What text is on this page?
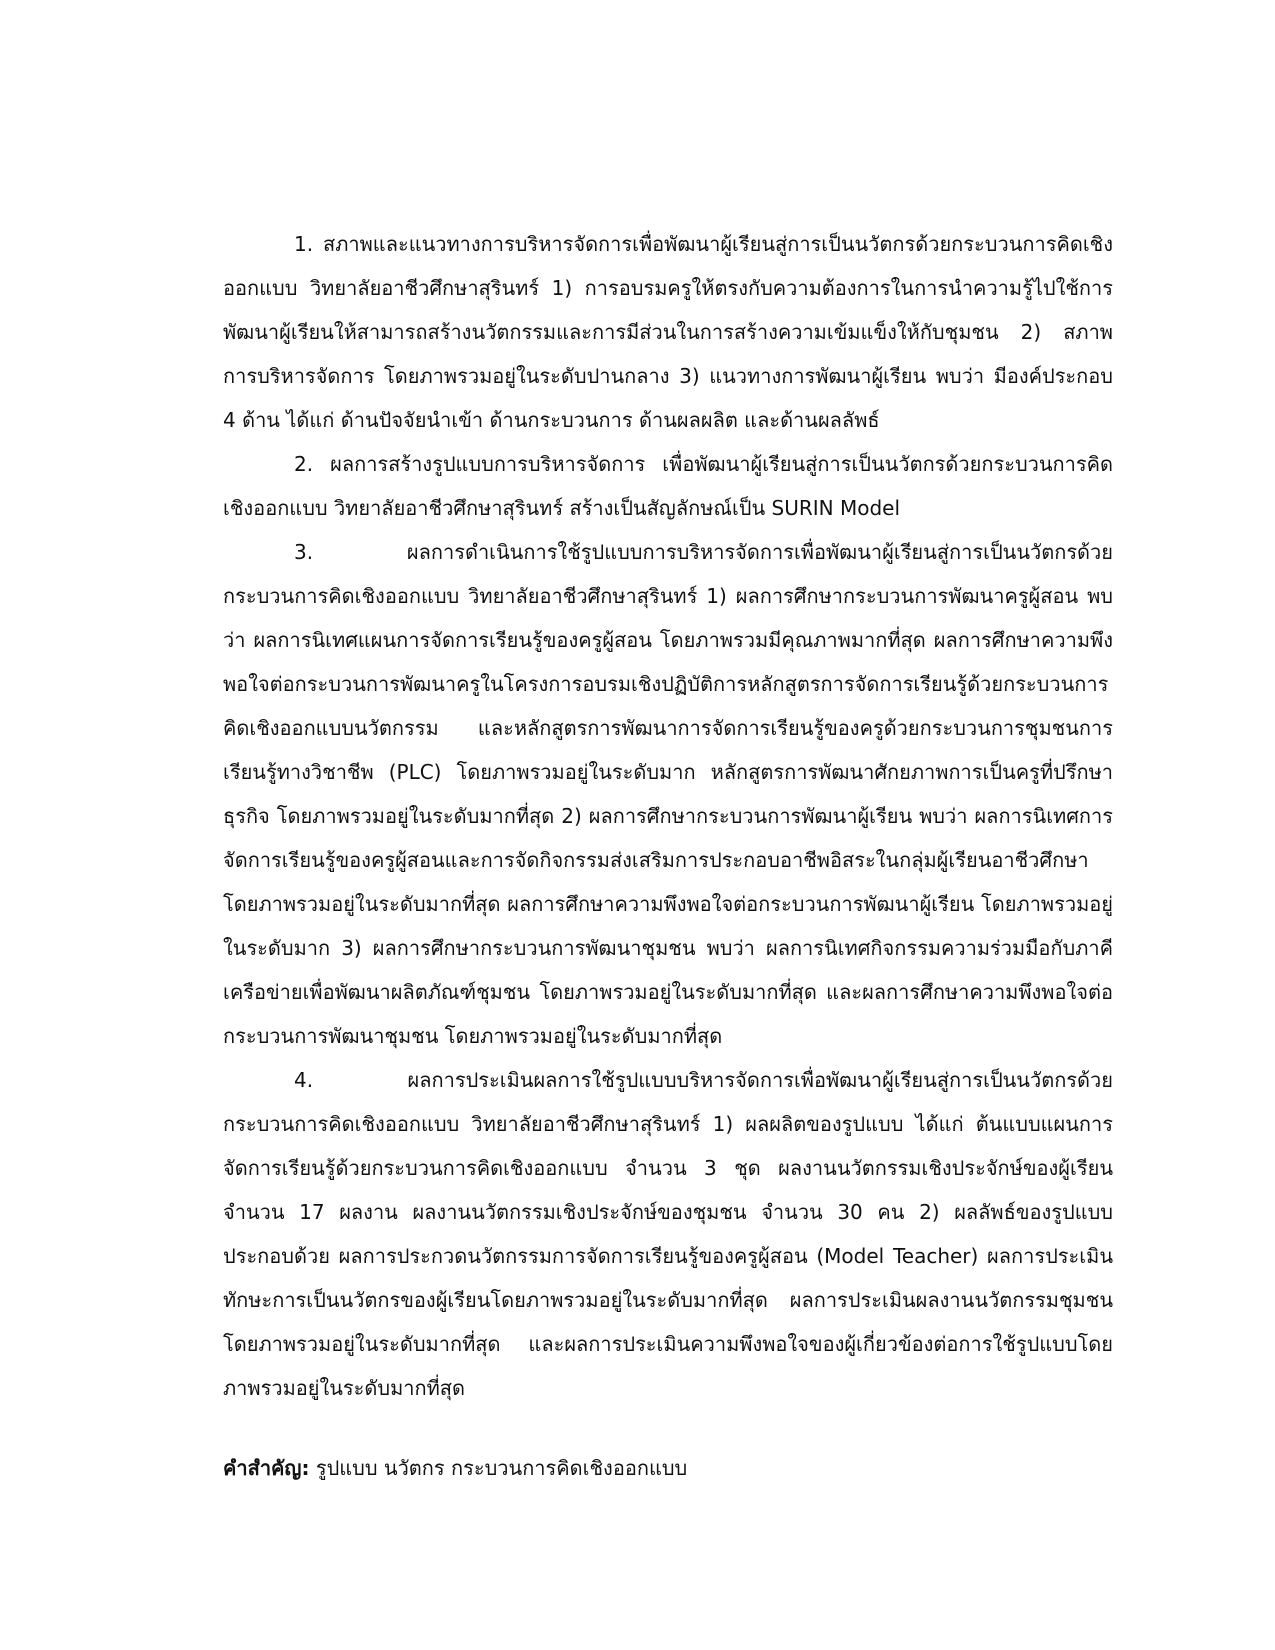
1. สภาพและแนวทางการบริหารจัดการเพื่อพัฒนาผู้เรียนสู่การเป็นนวัตกรด้วยกระบวนการคิดเชิงออกแบบ วิทยาลัยอาชีวศึกษาสุรินทร์ 1) การอบรมครูให้ตรงกับความต้องการในการนำความรู้ไปใช้การพัฒนาผู้เรียนให้สามารถสร้างนวัตกรรมและการมีส่วนในการสร้างความเข้มแข็งให้กับชุมชน 2) สภาพการบริหารจัดการ โดยภาพรวมอยู่ในระดับปานกลาง 3) แนวทางการพัฒนาผู้เรียน พบว่า มีองค์ประกอบ 4 ด้าน ได้แก่ ด้านปัจจัยนำเข้า ด้านกระบวนการ ด้านผลผลิต และด้านผลลัพธ์

2. ผลการสร้างรูปแบบการบริหารจัดการ เพื่อพัฒนาผู้เรียนสู่การเป็นนวัตกรด้วยกระบวนการคิดเชิงออกแบบ วิทยาลัยอาชีวศึกษาสุรินทร์ สร้างเป็นสัญลักษณ์เป็น SURIN Model

3. ผลการดำเนินการใช้รูปแบบการบริหารจัดการเพื่อพัฒนาผู้เรียนสู่การเป็นนวัตกรด้วยกระบวนการคิดเชิงออกแบบ วิทยาลัยอาชีวศึกษาสุรินทร์ 1) ผลการศึกษากระบวนการพัฒนาครูผู้สอน พบว่า ผลการนิเทศแผนการจัดการเรียนรู้ของครูผู้สอน โดยภาพรวมมีคุณภาพมากที่สุด ผลการศึกษาความพึงพอใจต่อกระบวนการพัฒนาครูในโครงการอบรมเชิงปฏิบัติการหลักสูตรการจัดการเรียนรู้ด้วยกระบวนการคิดเชิงออกแบบนวัตกรรม และหลักสูตรการพัฒนาการจัดการเรียนรู้ของครูด้วยกระบวนการชุมชนการเรียนรู้ทางวิชาชีพ (PLC) โดยภาพรวมอยู่ในระดับมาก หลักสูตรการพัฒนาศักยภาพการเป็นครูที่ปรึกษาธุรกิจ โดยภาพรวมอยู่ในระดับมากที่สุด 2) ผลการศึกษากระบวนการพัฒนาผู้เรียน พบว่า ผลการนิเทศการจัดการเรียนรู้ของครูผู้สอนและการจัดกิจกรรมส่งเสริมการประกอบอาชีพอิสระในกลุ่มผู้เรียนอาชีวศึกษา โดยภาพรวมอยู่ในระดับมากที่สุด ผลการศึกษาความพึงพอใจต่อกระบวนการพัฒนาผู้เรียน โดยภาพรวมอยู่ในระดับมาก 3) ผลการศึกษากระบวนการพัฒนาชุมชน พบว่า ผลการนิเทศกิจกรรมความร่วมมือกับภาคีเครือข่ายเพื่อพัฒนาผลิตภัณฑ์ชุมชน โดยภาพรวมอยู่ในระดับมากที่สุด และผลการศึกษาความพึงพอใจต่อกระบวนการพัฒนาชุมชน โดยภาพรวมอยู่ในระดับมากที่สุด

4. ผลการประเมินผลการใช้รูปแบบบริหารจัดการเพื่อพัฒนาผู้เรียนสู่การเป็นนวัตกรด้วยกระบวนการคิดเชิงออกแบบ วิทยาลัยอาชีวศึกษาสุรินทร์ 1) ผลผลิตของรูปแบบ ได้แก่ ต้นแบบแผนการจัดการเรียนรู้ด้วยกระบวนการคิดเชิงออกแบบ จำนวน 3 ชุด ผลงานนวัตกรรมเชิงประจักษ์ของผู้เรียน จำนวน 17 ผลงาน ผลงานนวัตกรรมเชิงประจักษ์ของชุมชน จำนวน 30 คน 2) ผลลัพธ์ของรูปแบบ ประกอบด้วย ผลการประกวดนวัตกรรมการจัดการเรียนรู้ของครูผู้สอน (Model Teacher) ผลการประเมินทักษะการเป็นนวัตกรของผู้เรียนโดยภาพรวมอยู่ในระดับมากที่สุด ผลการประเมินผลงานนวัตกรรมชุมชนโดยภาพรวมอยู่ในระดับมากที่สุด และผลการประเมินความพึงพอใจของผู้เกี่ยวข้องต่อการใช้รูปแบบโดยภาพรวมอยู่ในระดับมากที่สุด

คำสำคัญ: รูปแบบ นวัตกร กระบวนการคิดเชิงออกแบบ
